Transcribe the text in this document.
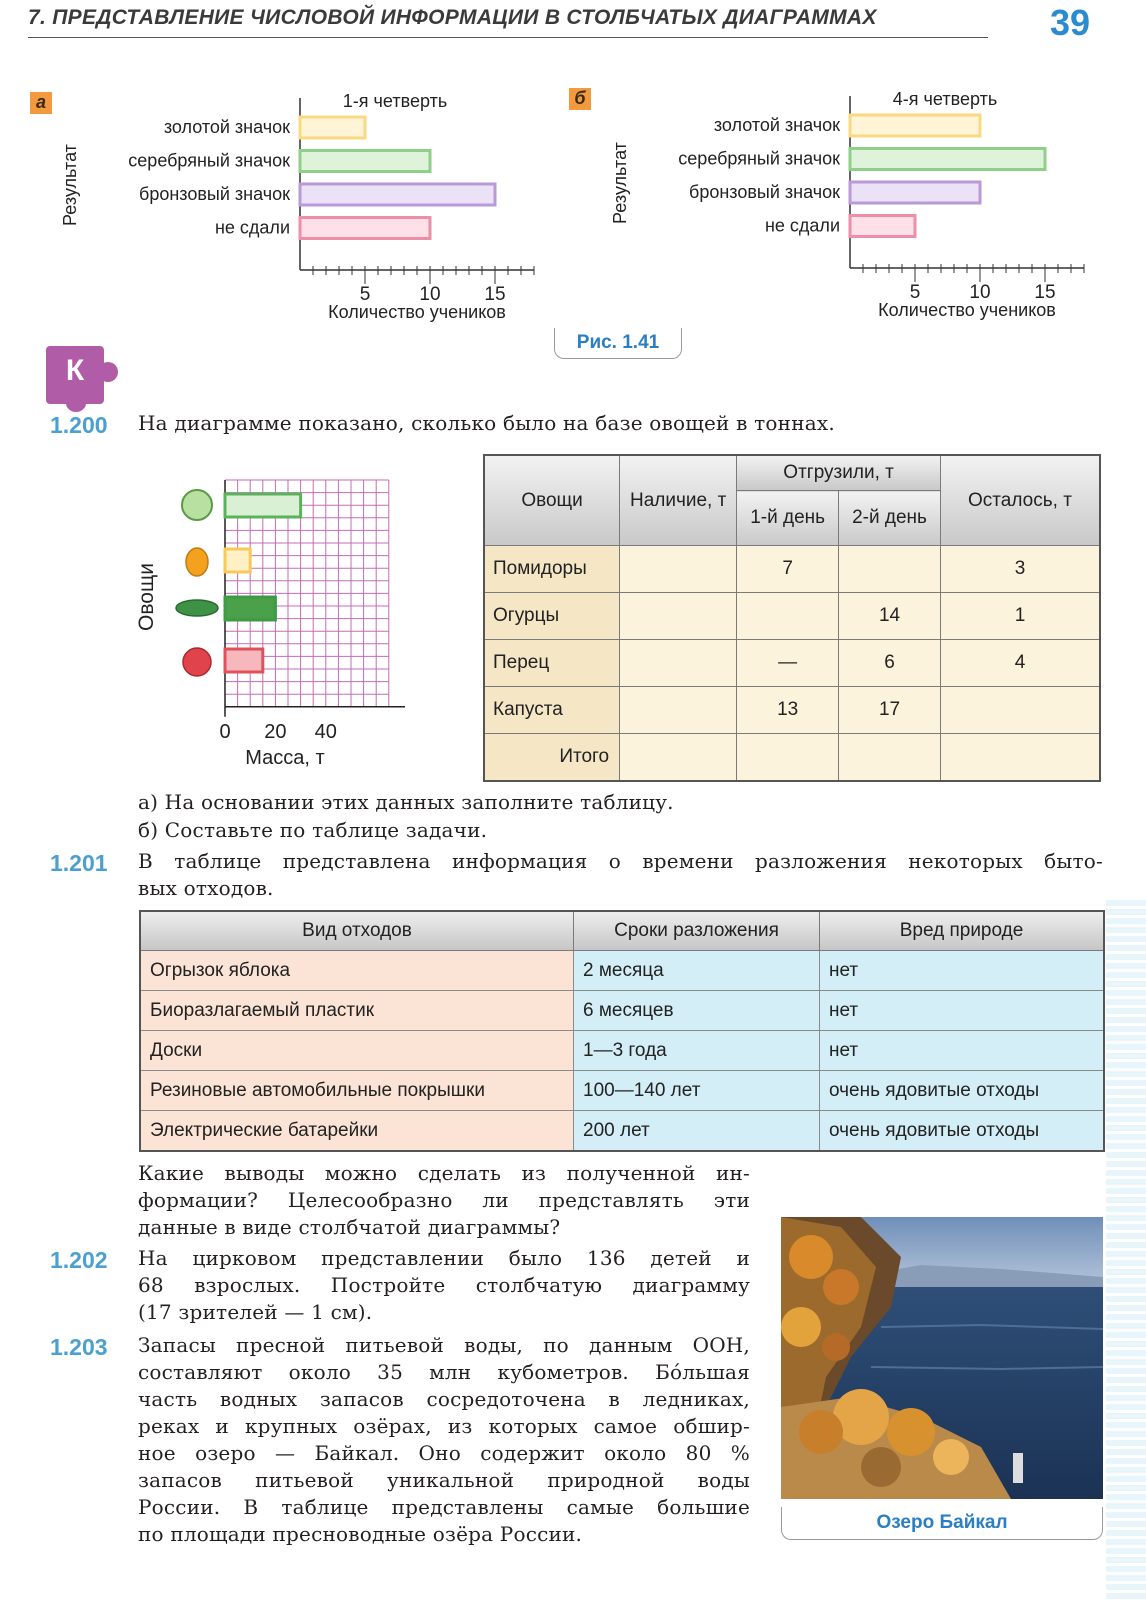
7. ПРЕДСТАВЛЕНИЕ ЧИСЛОВОЙ ИНФОРМАЦИИ В СТОЛБЧАТЫХ ДИАГРАММАХ	39
а	б
1-я четверть
5	10 15
золотой значок
серебряный значок
бронзовый значок
не сдали
Количество учеников
Результат
4-я четверть
5	10 15
золотой значок
серебряный значок
бронзовый значок
не сдали
Количество учеников
Результат
Рис. 1.41
К
1.200 На диаграмме показано, сколько было на базе овощей в тоннах.
0 20 40
Масса, т
Овощи
Овощи	Наличие, т	Отгрузили, т		Осталось, т
		1-й день	2-й день	
Помидоры		7		3
Огурцы			14	1
Перец		—	6	4
Капуста		13	17	
Итого				
а) На основании этих данных заполните таблицу.
б) Составьте по таблице задачи.
1.201 В таблице представлена информация о времени разложения некоторых быто-
вых отходов.
Вид отходов	Сроки разложения	Вред природе
Огрызок яблока	2 месяца	нет
Биоразлагаемый пластик	6 месяцев	нет
Доски	1—3 года	нет
Резиновые автомобильные покрышки	100—140 лет	очень ядовитые отходы
Электрические батарейки	200 лет	очень ядовитые отходы
Какие выводы можно сделать из полученной ин-
формации? Целесообразно ли представлять эти
данные в виде столбчатой диаграммы?
1.202 На цирковом представлении было 136 детей и
68 взрослых. Постройте столбчатую диаграмму
(17 зрителей — 1 см).
1.203 Запасы пресной питьевой воды, по данным ООН,
составляют около 35 млн кубометров. Бóльшая
часть водных запасов сосредоточена в ледниках,
реках и крупных озёрах, из которых самое обшир-
ное озеро — Байкал. Оно содержит около 80 %
запасов питьевой уникальной природной воды
России. В таблице представлены самые большие
по площади пресноводные озёра России.	Озеро Байкал
